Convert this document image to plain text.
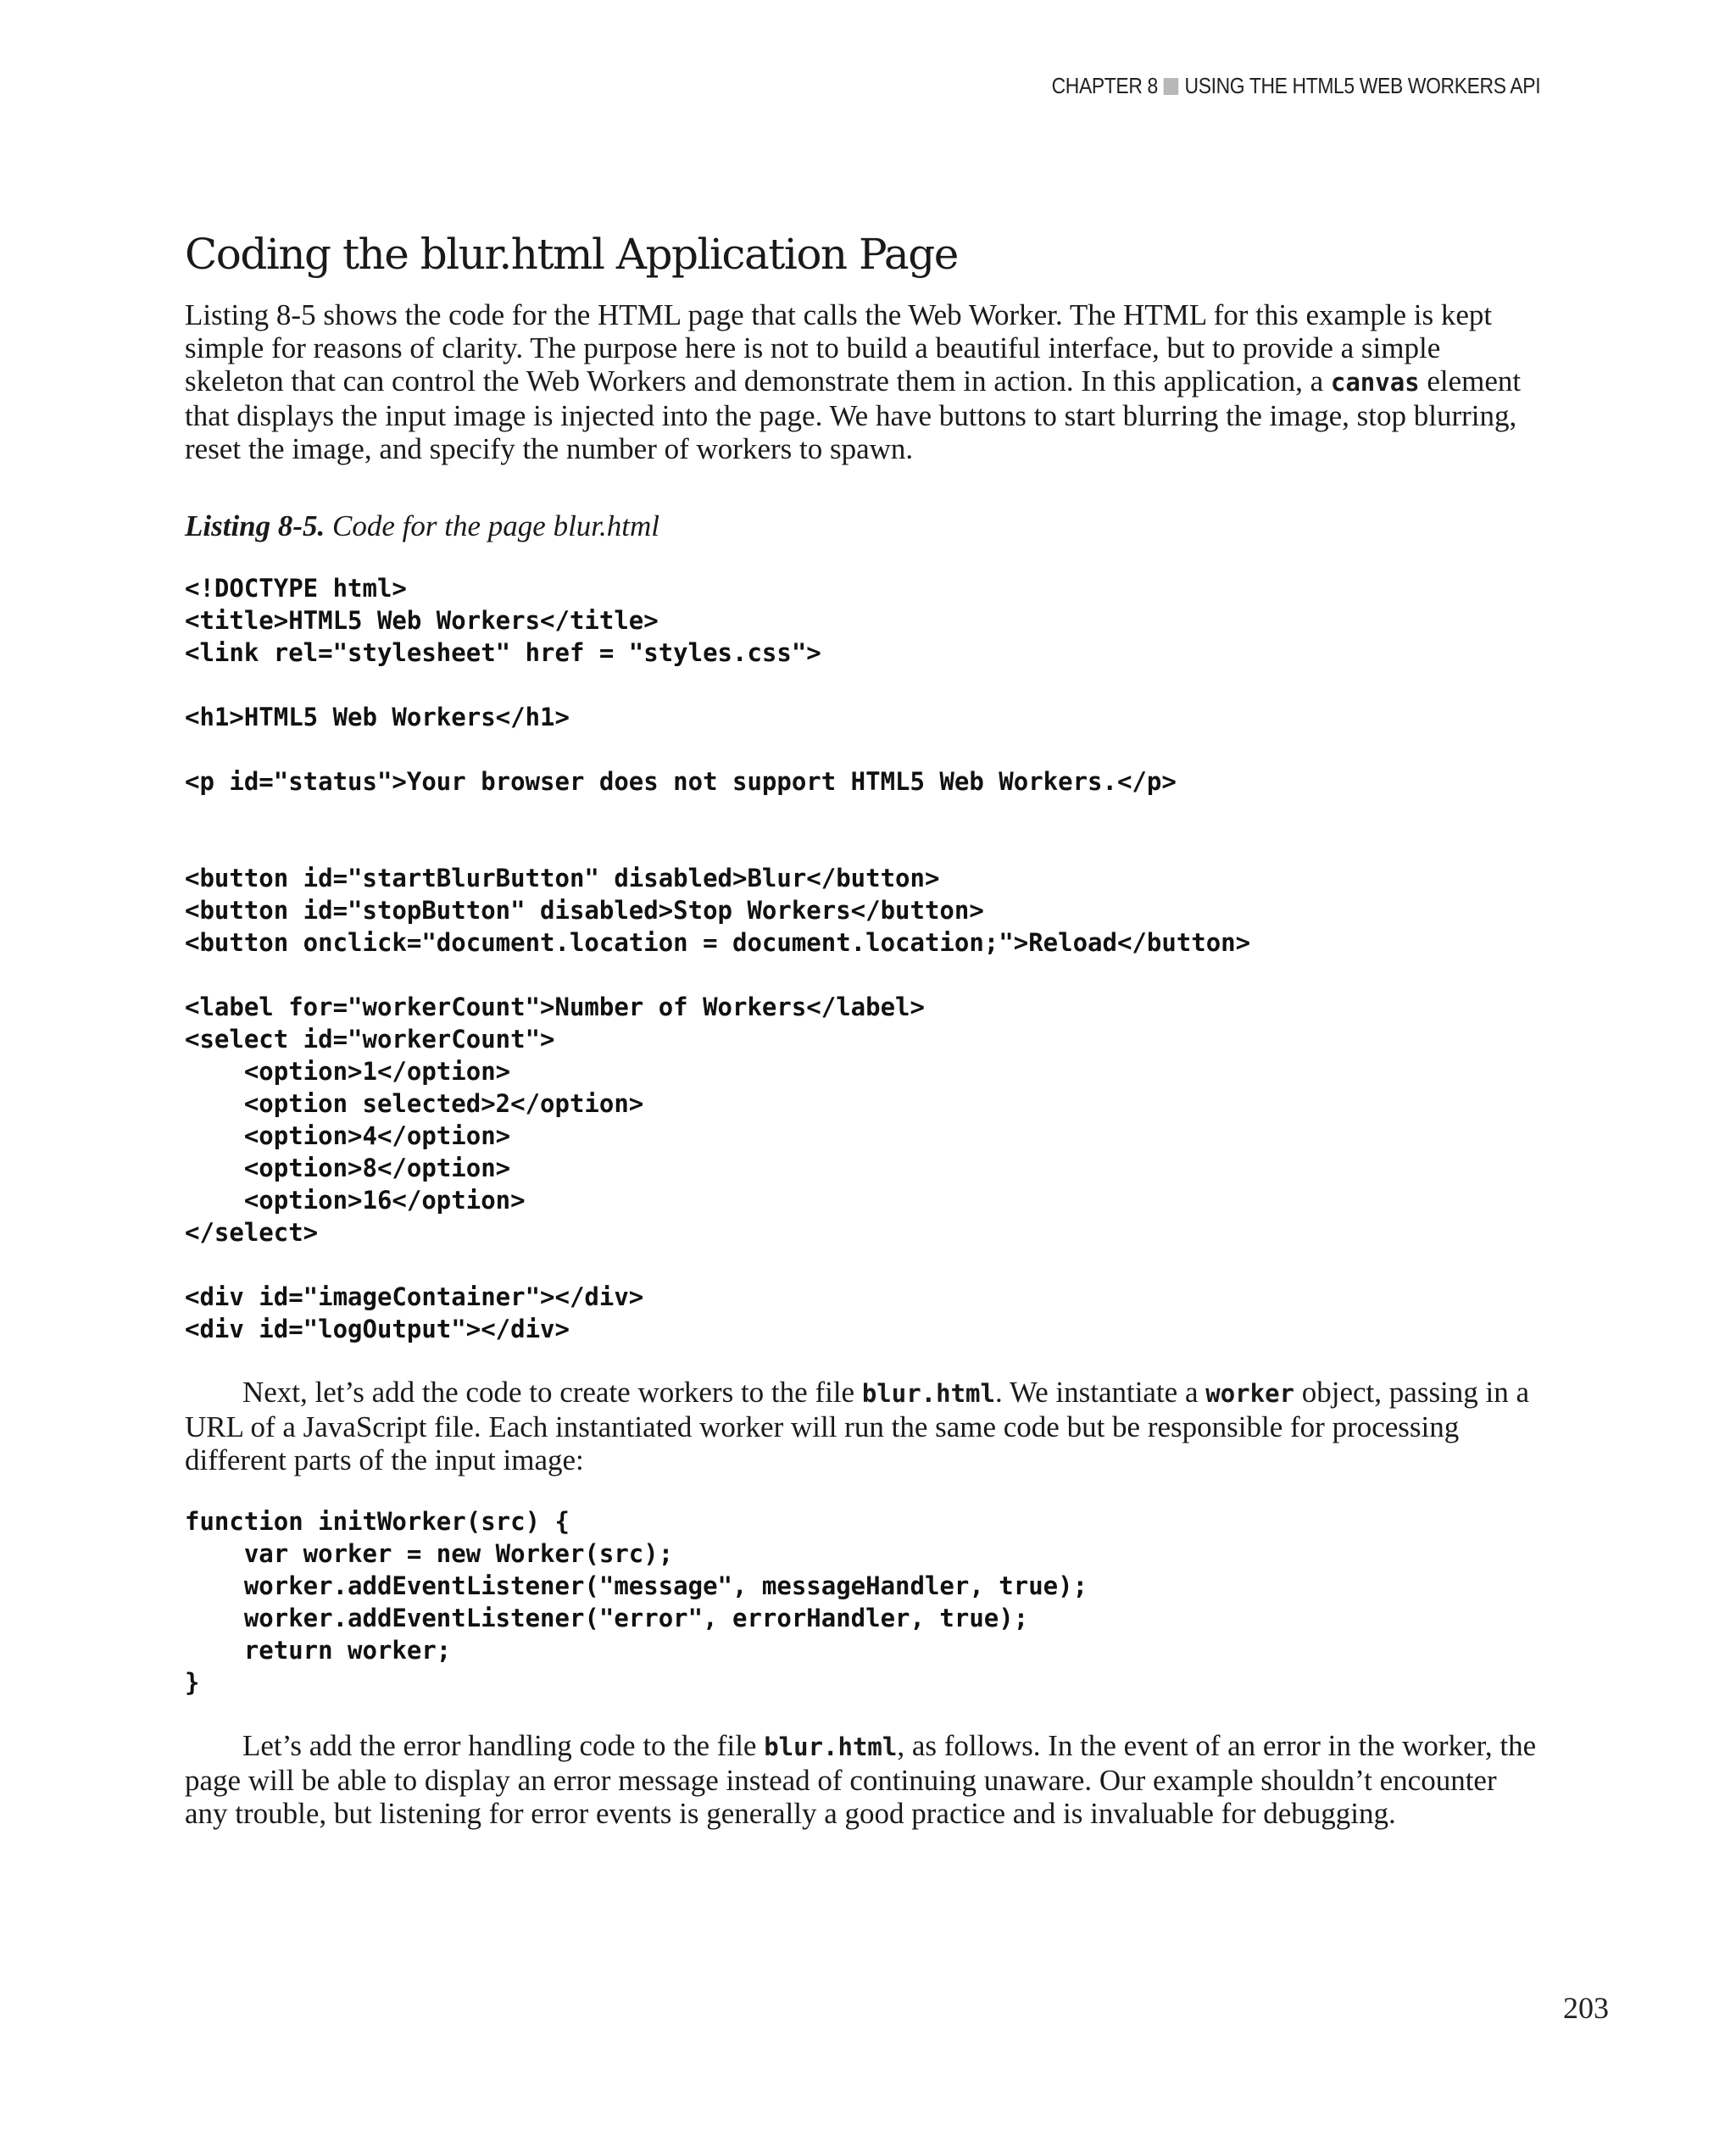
CHAPTER 8 USING THE HTML5 WEB WORKERS API
Coding the blur.html Application Page

Listing 8-5 shows the code for the HTML page that calls the Web Worker. The HTML for this example is kept simple for reasons of clarity. The purpose here is not to build a beautiful interface, but to provide a simple skeleton that can control the Web Workers and demonstrate them in action. In this application, a canvas element that displays the input image is injected into the page. We have buttons to start blurring the image, stop blurring, reset the image, and specify the number of workers to spawn.

Listing 8-5. Code for the page blur.html
<!DOCTYPE html>
<title>HTML5 Web Workers</title>
<link rel="stylesheet" href = "styles.css">

<h1>HTML5 Web Workers</h1>

<p id="status">Your browser does not support HTML5 Web Workers.</p>

<button id="startBlurButton" disabled>Blur</button>
<button id="stopButton" disabled>Stop Workers</button>
<button onclick="document.location = document.location;">Reload</button>

<label for="workerCount">Number of Workers</label>
<select id="workerCount">
<option>1</option>
<option selected>2</option>
<option>4</option>
<option>8</option>
<option>16</option>
</select>

<div id="imageContainer"></div>
<div id="logOutput"></div>

Next, let’s add the code to create workers to the file blur.html. We instantiate a worker object, passing in a URL of a JavaScript file. Each instantiated worker will run the same code but be responsible for processing different parts of the input image:

function initWorker(src) {
var worker = new Worker(src);
worker.addEventListener("message", messageHandler, true);
worker.addEventListener("error", errorHandler, true);
return worker;
}

Let’s add the error handling code to the file blur.html, as follows. In the event of an error in the worker, the page will be able to display an error message instead of continuing unaware. Our example shouldn’t encounter any trouble, but listening for error events is generally a good practice and is invaluable for debugging.

203
